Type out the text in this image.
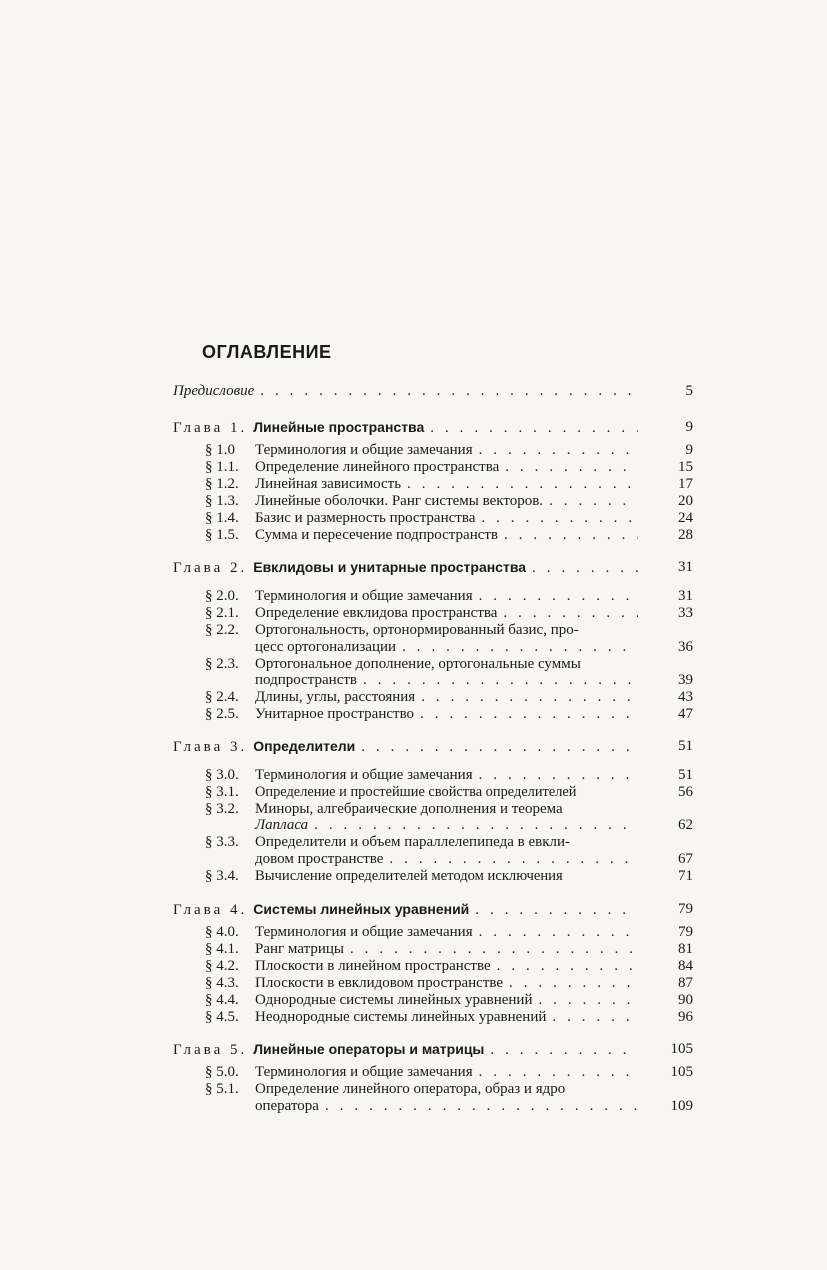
ОГЛАВЛЕНИЕ
Предисловие . . .	5
Глава 1. Линейные пространства . . .	9
§ 1.0	Терминология и общие замечания . . .	9
§ 1.1.	Определение линейного пространства . . .	15
§ 1.2.	Линейная зависимость . . .	17
§ 1.3.	Линейные оболочки. Ранг системы векторов. . . .	20
§ 1.4.	Базис и размерность пространства . . .	24
§ 1.5.	Сумма и пересечение подпространств . . .	28
Глава 2. Евклидовы и унитарные пространства . . .	31
§ 2.0.	Терминология и общие замечания . . .	31
§ 2.1.	Определение евклидова пространства . . .	33
§ 2.2. Ортогональность, ортонормированный базис, про-
цесс ортогонализации . . .	36
§ 2.3. Ортогональное дополнение, ортогональные суммы
подпространств . . .	39
§ 2.4.	Длины, углы, расстояния . . .	43
§ 2.5.	Унитарное пространство . . .	47
Глава 3. Определители . . .	51
§ 3.0.	Терминология и общие замечания . . .	51
§ 3.1.	Определение и простейшие свойства определителей	56
§ 3.2. Миноры, алгебраические дополнения и теорема
Лапласа . . .	62
§ 3.3. Определители и объем параллелепипеда в евкли-
довом пространстве . . .	67
§ 3.4.	Вычисление определителей методом исключения	71
Глава 4. Системы линейных уравнений . . .	79
§ 4.0.	Терминология и общие замечания . . .	79
§ 4.1.	Ранг матрицы . . .	81
§ 4.2.	Плоскости в линейном пространстве . . .	84
§ 4.3.	Плоскости в евклидовом пространстве . . .	87
§ 4.4.	Однородные системы линейных уравнений . . .	90
§ 4.5.	Неоднородные системы линейных уравнений . . .	96
Глава 5. Линейные операторы и матрицы . . .	105
§ 5.0.	Терминология и общие замечания . . .	105
§ 5.1. Определение линейного оператора, образ и ядро
оператора . . .	109
